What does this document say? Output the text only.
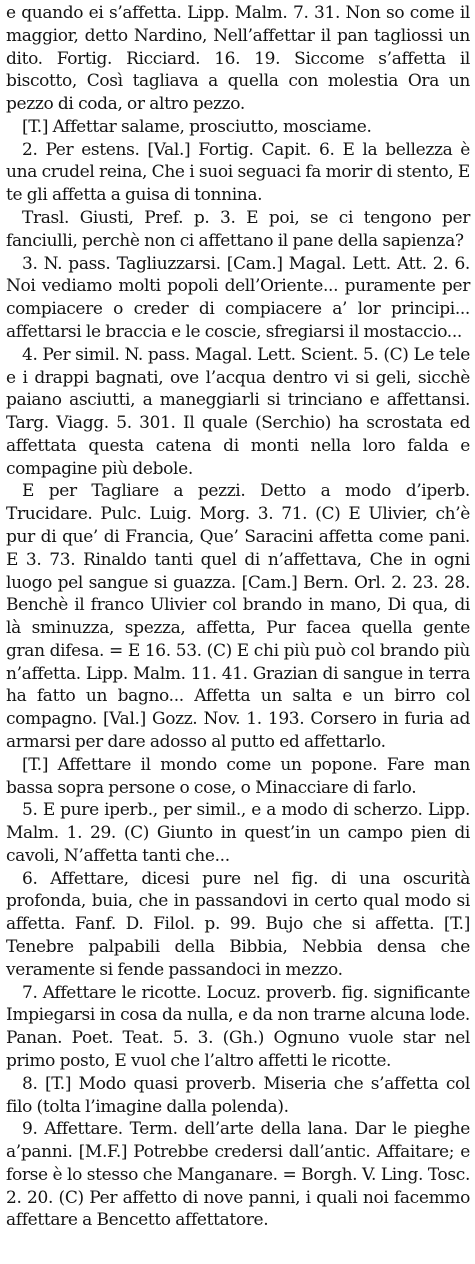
e quando ei s’affetta. Lipp. Malm. 7. 31. Non so come il maggior, detto Nardino, Nell’affettar il pan tagliossi un dito. Fortig. Ricciard. 16. 19. Siccome s’affetta il biscotto, Così tagliava a quella con molestia Ora un pezzo di coda, or altro pezzo.

[T.] Affettar salame, prosciutto, mosciame.

2. Per estens. [Val.] Fortig. Capit. 6. E la bellezza è una crudel reina, Che i suoi seguaci fa morir di stento, E te gli affetta a guisa di tonnina.

Trasl. Giusti, Pref. p. 3. E poi, se ci tengono per fanciulli, perchè non ci affettano il pane della sapienza?

3. N. pass. Tagliuzzarsi. [Cam.] Magal. Lett. Att. 2. 6. Noi vediamo molti popoli dell’Oriente... puramente per compiacere o creder di compiacere a’ lor principi... affettarsi le braccia e le coscie, sfregiarsi il mostaccio...

4. Per simil. N. pass. Magal. Lett. Scient. 5. (C) Le tele e i drappi bagnati, ove l’acqua dentro vi si geli, sicchè paiano asciutti, a maneggiarli si trinciano e affettansi. Targ. Viagg. 5. 301. Il quale (Serchio) ha scrostata ed affettata questa catena di monti nella loro falda e compagine più debole.

E per Tagliare a pezzi. Detto a modo d’iperb. Trucidare. Pulc. Luig. Morg. 3. 71. (C) E Ulivier, ch’è pur di que’ di Francia, Que’ Saracini affetta come pani. E 3. 73. Rinaldo tanti quel di n’affettava, Che in ogni luogo pel sangue si guazza. [Cam.] Bern. Orl. 2. 23. 28. Benchè il franco Ulivier col brando in mano, Di qua, di là sminuzza, spezza, affetta, Pur facea quella gente gran difesa. = E 16. 53. (C) E chi più può col brando più n’affetta. Lipp. Malm. 11. 41. Grazian di sangue in terra ha fatto un bagno... Affetta un salta e un birro col compagno. [Val.] Gozz. Nov. 1. 193. Corsero in furia ad armarsi per dare adosso al putto ed affettarlo.

[T.] Affettare il mondo come un popone. Fare man bassa sopra persone o cose, o Minacciare di farlo.

5. E pure iperb., per simil., e a modo di scherzo. Lipp. Malm. 1. 29. (C) Giunto in quest’in un campo pien di cavoli, N’affetta tanti che...

6. Affettare, dicesi pure nel fig. di una oscurità profonda, buia, che in passandovi in certo qual modo si affetta. Fanf. D. Filol. p. 99. Bujo che si affetta. [T.] Tenebre palpabili della Bibbia, Nebbia densa che veramente si fende passandoci in mezzo.

7. Affettare le ricotte. Locuz. proverb. fig. significante Impiegarsi in cosa da nulla, e da non trarne alcuna lode. Panan. Poet. Teat. 5. 3. (Gh.) Ognuno vuole star nel primo posto, E vuol che l’altro affetti le ricotte.

8. [T.] Modo quasi proverb. Miseria che s’affetta col filo (tolta l’imagine dalla polenda).

9. Affettare. Term. dell’arte della lana. Dar le pieghe a’panni. [M.F.] Potrebbe credersi dall’antic. Affaitare; e forse è lo stesso che Manganare. = Borgh. V. Ling. Tosc. 2. 20. (C) Per affetto di nove panni, i quali noi facemmo affettare a Bencetto affettatore.
